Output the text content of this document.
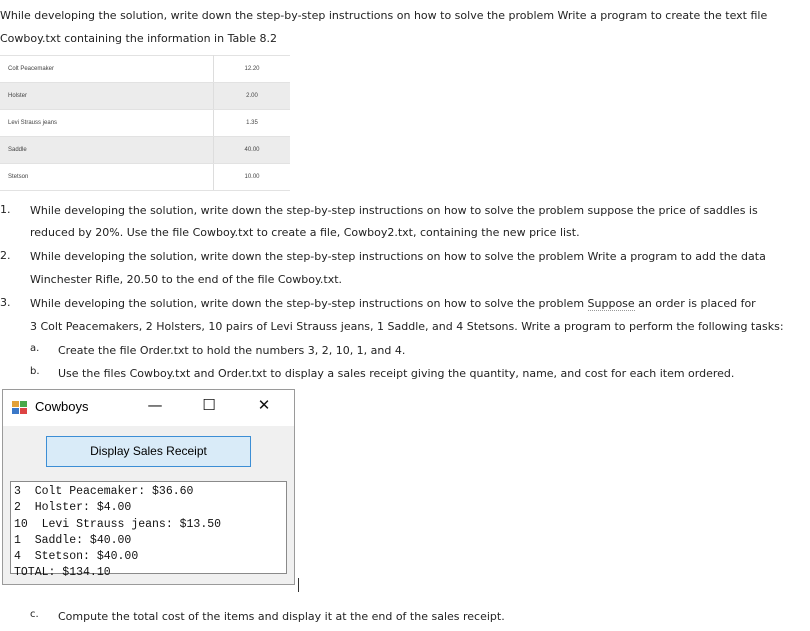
While developing the solution, write down the step-by-step instructions on how to solve the problem Write a program to create the text file
Cowboy.txt containing the information in Table 8.2
Colt Peacemaker	12.20
Holster	2.00
Levi Strauss jeans	1.35
Saddle	40.00
Stetson	10.00
1. While developing the solution, write down the step-by-step instructions on how to solve the problem suppose the price of saddles is
reduced by 20%. Use the file Cowboy.txt to create a file, Cowboy2.txt, containing the new price list.
2. While developing the solution, write down the step-by-step instructions on how to solve the problem Write a program to add the data
Winchester Rifle, 20.50 to the end of the file Cowboy.txt.
3. While developing the solution, write down the step-by-step instructions on how to solve the problem Suppose an order is placed for
3 Colt Peacemakers, 2 Holsters, 10 pairs of Levi Strauss jeans, 1 Saddle, and 4 Stetsons. Write a program to perform the following tasks:
a. Create the file Order.txt to hold the numbers 3, 2, 10, 1, and 4.
b. Use the files Cowboy.txt and Order.txt to display a sales receipt giving the quantity, name, and cost for each item ordered.
Cowboys	—	☐	✕
Display Sales Receipt
3  Colt Peacemaker: $36.60
2  Holster: $4.00
10  Levi Strauss jeans: $13.50
1  Saddle: $40.00
4  Stetson: $40.00
TOTAL: $134.10
c. Compute the total cost of the items and display it at the end of the sales receipt.
